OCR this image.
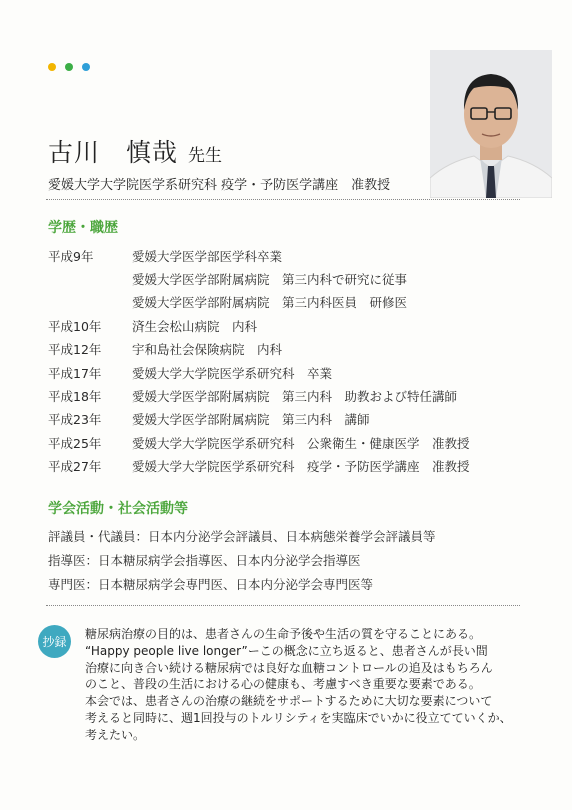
古川　慎哉 先生
愛媛大学大学院医学系研究科 疫学・予防医学講座　准教授
学歴・職歴
平成9年	愛媛大学医学部医学科卒業
愛媛大学医学部附属病院　第三内科で研究に従事
愛媛大学医学部附属病院　第三内科医員　研修医
平成10年	済生会松山病院　内科
平成12年	宇和島社会保険病院　内科
平成17年	愛媛大学大学院医学系研究科　卒業
平成18年	愛媛大学医学部附属病院　第三内科　助教および特任講師
平成23年	愛媛大学医学部附属病院　第三内科　講師
平成25年	愛媛大学大学院医学系研究科　公衆衛生・健康医学　准教授
平成27年	愛媛大学大学院医学系研究科　疫学・予防医学講座　准教授
学会活動・社会活動等
評議員・代議員：日本内分泌学会評議員、日本病態栄養学会評議員等
指導医：日本糖尿病学会指導医、日本内分泌学会指導医
専門医：日本糖尿病学会専門医、日本内分泌学会専門医等
抄録
糖尿病治療の目的は、患者さんの生命予後や生活の質を守ることにある。
“Happy people live longer”ーこの概念に立ち返ると、患者さんが長い間
治療に向き合い続ける糖尿病では良好な血糖コントロールの追及はもちろん
のこと、普段の生活における心の健康も、考慮すべき重要な要素である。
本会では、患者さんの治療の継続をサポートするために大切な要素について
考えると同時に、週1回投与のトルリシティを実臨床でいかに役立てていくか、
考えたい。
